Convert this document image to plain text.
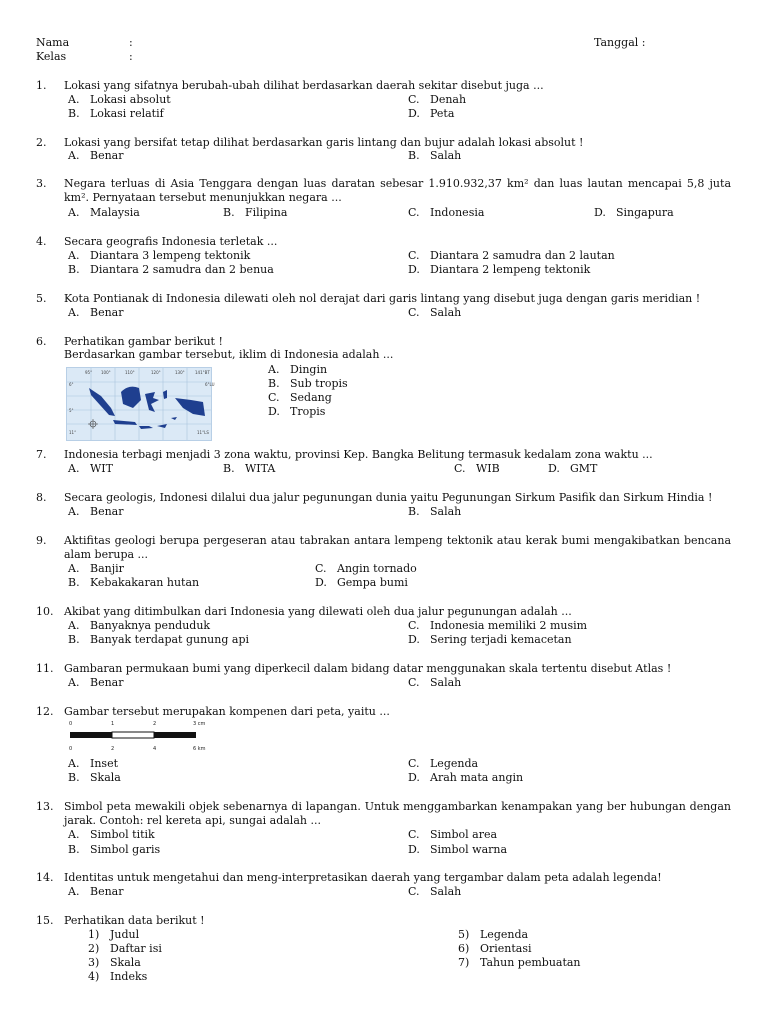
Nama	:
Kelas	:
Tanggal :
1.	Lokasi yang sifatnya berubah-ubah dilihat berdasarkan daerah sekitar disebut juga ...
A. Lokasi absolut	C. Denah
B. Lokasi relatif	D. Peta
2.	Lokasi yang bersifat tetap dilihat berdasarkan garis lintang dan bujur adalah lokasi absolut !
A. Benar	B. Salah
3.	Negara terluas di Asia Tenggara dengan luas daratan sebesar 1.910.932,37 km² dan luas lautan mencapai 5,8 juta km². Pernyataan tersebut menunjukkan negara ...
A. Malaysia	B. Filipina	C. Indonesia	D. Singapura
4.	Secara geografis Indonesia terletak ...
A. Diantara 3 lempeng tektonik	C. Diantara 2 samudra dan 2 lautan
B. Diantara 2 samudra dan 2 benua	D. Diantara 2 lempeng tektonik
5.	Kota Pontianak di Indonesia dilewati oleh nol derajat dari garis lintang yang disebut juga dengan garis meridian !
A. Benar	C. Salah
6.	Perhatikan gambar berikut !
Berdasarkan gambar tersebut, iklim di Indonesia adalah ...
95° 100°	110°	120°	130°	141°BT
6°	6°LU
5°
11°	11°LS
A. Dingin
B. Sub tropis
C. Sedang
D. Tropis
7.	Indonesia terbagi menjadi 3 zona waktu, provinsi Kep. Bangka Belitung termasuk kedalam zona waktu ...
A. WIT	B. WITA	C. WIB	D. GMT
8.	Secara geologis, Indonesi dilalui dua jalur pegunungan dunia yaitu Pegunungan Sirkum Pasifik dan Sirkum Hindia !
A. Benar	B. Salah
9.	Aktifitas geologi berupa pergeseran atau tabrakan antara lempeng tektonik atau kerak bumi mengakibatkan bencana alam berupa ...
A. Banjir	C. Angin tornado
B. Kebakakaran hutan	D. Gempa bumi
10. Akibat yang ditimbulkan dari Indonesia yang dilewati oleh dua jalur pegunungan adalah ...
A. Banyaknya penduduk	C. Indonesia memiliki 2 musim
B. Banyak terdapat gunung api	D. Sering terjadi kemacetan
11. Gambaran permukaan bumi yang diperkecil dalam bidang datar menggunakan skala tertentu disebut Atlas !
A. Benar	C. Salah
12. Gambar tersebut merupakan kompenen dari peta, yaitu ...
0	1	2	3 cm
0	2	4	6 km
A. Inset	C. Legenda
B. Skala	D. Arah mata angin
13. Simbol peta mewakili objek sebenarnya di lapangan. Untuk menggambarkan kenampakan yang ber hubungan dengan jarak. Contoh: rel kereta api, sungai adalah ...
A. Simbol titik	C. Simbol area
B. Simbol garis	D. Simbol warna
14. Identitas untuk mengetahui dan meng-interpretasikan daerah yang tergambar dalam peta adalah legenda!
A. Benar	C. Salah
15. Perhatikan data berikut !
1) Judul	5) Legenda
2) Daftar isi	6) Orientasi
3) Skala	7) Tahun pembuatan
4) Indeks
